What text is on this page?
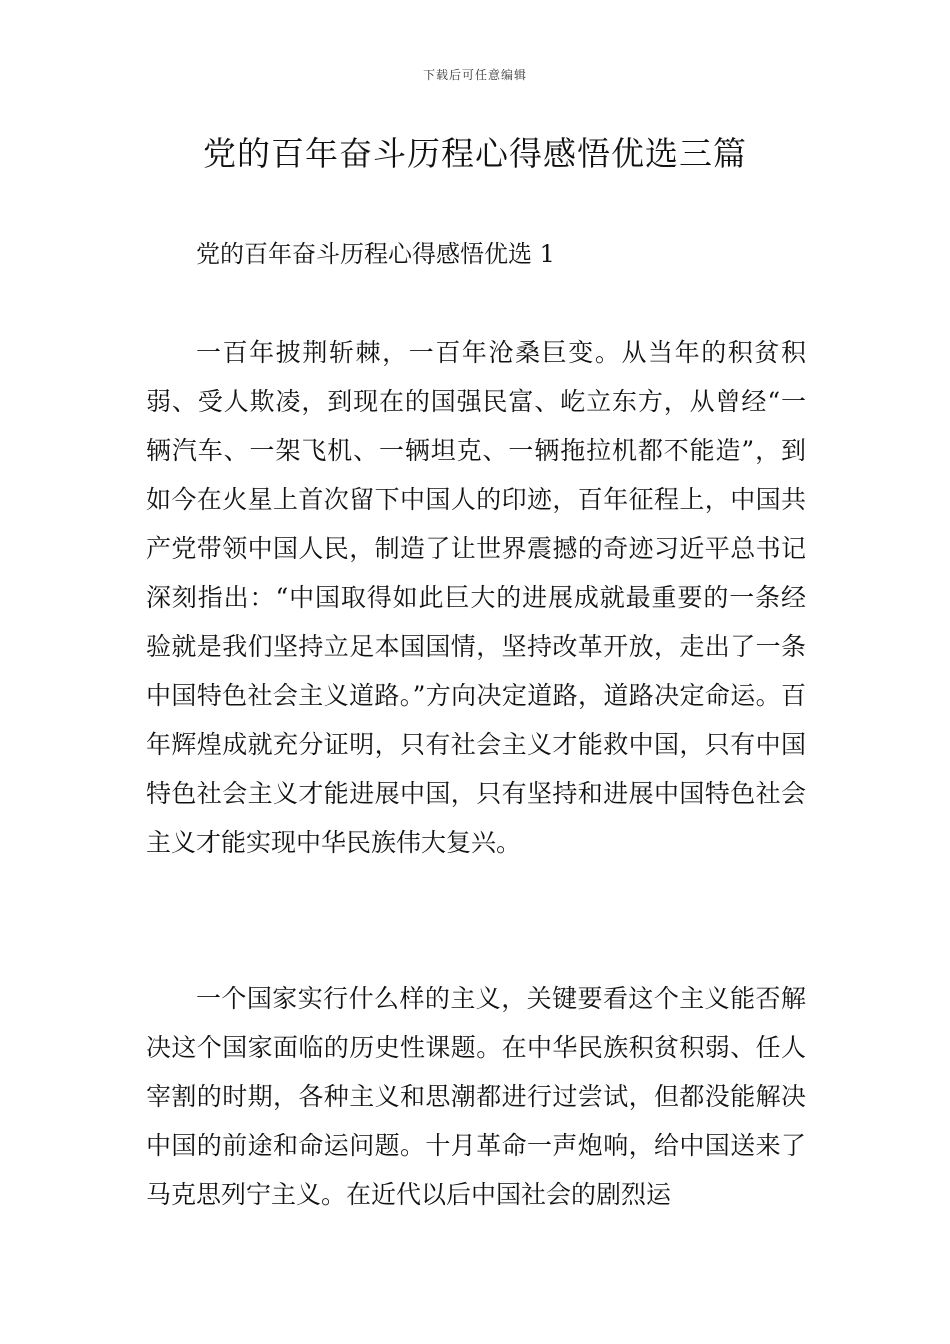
下载后可任意编辑
党的百年奋斗历程心得感悟优选三篇
党的百年奋斗历程心得感悟优选 1

一百年披荆斩棘，一百年沧桑巨变。从当年的积贫积弱、受人欺凌，到现在的国强民富、屹立东方，从曾经“一辆汽车、一架飞机、一辆坦克、一辆拖拉机都不能造”，到如今在火星上首次留下中国人的印迹，百年征程上，中国共产党带领中国人民，制造了让世界震撼的奇迹习近平总书记深刻指出：“中国取得如此巨大的进展成就最重要的一条经验就是我们坚持立足本国国情，坚持改革开放，走出了一条中国特色社会主义道路。”方向决定道路，道路决定命运。百年辉煌成就充分证明，只有社会主义才能救中国，只有中国特色社会主义才能进展中国，只有坚持和进展中国特色社会主义才能实现中华民族伟大复兴。

一个国家实行什么样的主义，关键要看这个主义能否解决这个国家面临的历史性课题。在中华民族积贫积弱、任人宰割的时期，各种主义和思潮都进行过尝试，但都没能解决中国的前途和命运问题。十月革命一声炮响，给中国送来了马克思列宁主义。在近代以后中国社会的剧烈运
